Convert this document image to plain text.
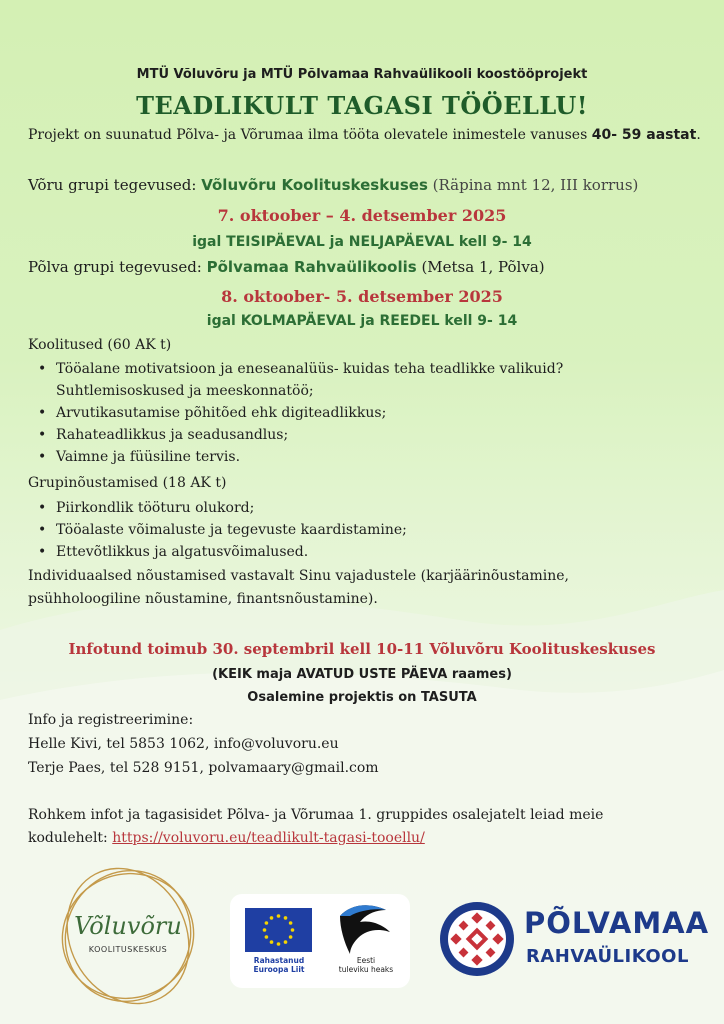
MTÜ Võluvõru ja MTÜ Põlvamaa Rahvaülikooli koostööprojekt
TEADLIKULT TAGASI TÖÖELLU!
Projekt on suunatud Põlva- ja Võrumaa ilma tööta olevatele inimestele vanuses 40- 59 aastat.
Võru grupi tegevused: Võluvõru Koolituskeskuses (Räpina mnt 12, III korrus)
7. oktoober – 4. detsember 2025
igal TEISIPÄEVAL ja NELJAPÄEVAL kell 9- 14
Põlva grupi tegevused: Põlvamaa Rahvaülikoolis (Metsa 1, Põlva)
8. oktoober- 5. detsember 2025
igal KOLMAPÄEVAL ja REEDEL kell 9- 14
Koolitused (60 AK t)
• Tööalane motivatsioon ja eneseanalüüs- kuidas teha teadlikke valikuid?
Suhtlemisoskused ja meeskonnatöö;
• Arvutikasutamise põhitõed ehk digiteadlikkus;
• Rahateadlikkus ja seadusandlus;
• Vaimne ja füüsiline tervis.
Grupinõustamised (18 AK t)
• Piirkondlik tööturu olukord;
• Tööalaste võimaluste ja tegevuste kaardistamine;
• Ettevõtlikkus ja algatusvõimalused.
Individuaalsed nõustamised vastavalt Sinu vajadustele (karjäärinõustamine,
psühholoogiline nõustamine, finantsnõustamine).
Infotund toimub 30. septembril kell 10-11 Võluvõru Koolituskeskuses
(KEIK maja AVATUD USTE PÄEVA raames)
Osalemine projektis on TASUTA
Info ja registreerimine:
Helle Kivi, tel 5853 1062, info@voluvoru.eu
Terje Paes, tel 528 9151, polvamaary@gmail.com
Rohkem infot ja tagasisidet Põlva- ja Võrumaa 1. gruppides osalejatelt leiad meie
kodulehelt: https://voluvoru.eu/teadlikult-tagasi-tooellu/
Võluvõru
KOOLITUSKESKUS
Rahastanud
Euroopa Liit
Eesti
tuleviku heaks
PÕLVAMAA
RAHVAÜLIKOOL
